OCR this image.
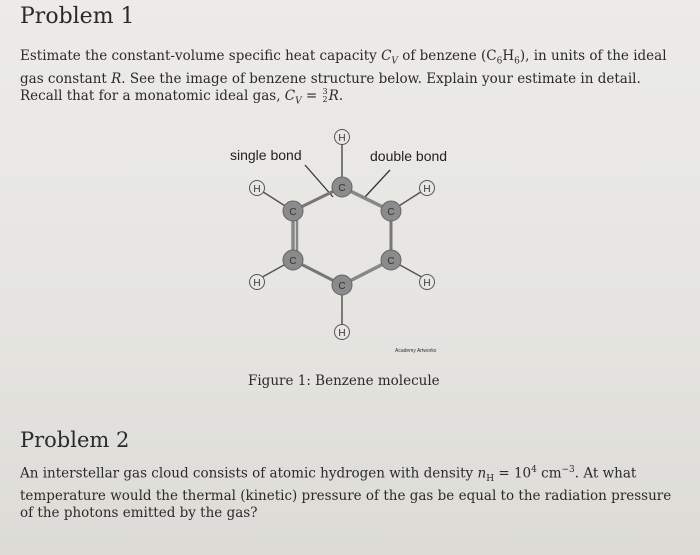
Problem 1

Estimate the constant-volume specific heat capacity $C_V$ of benzene $(C_6H_6)$, in units of the ideal gas constant R. See the image of benzene structure below. Explain your estimate in detail. Recall that for a monatomic ideal gas, $C_V = 3$
2 R.

single bond	double bond
C
C	C
C	C
C
H
H	H
H	H
H
Academy Artworks
Figure 1: Benzene molecule
Problem 2

An interstellar gas cloud consists of atomic hydrogen with density $n_H = 10^4$ $cm^{-3}$. At what temperature would the thermal (kinetic) pressure of the gas be equal to the radiation pressure of the photons emitted by the gas?
